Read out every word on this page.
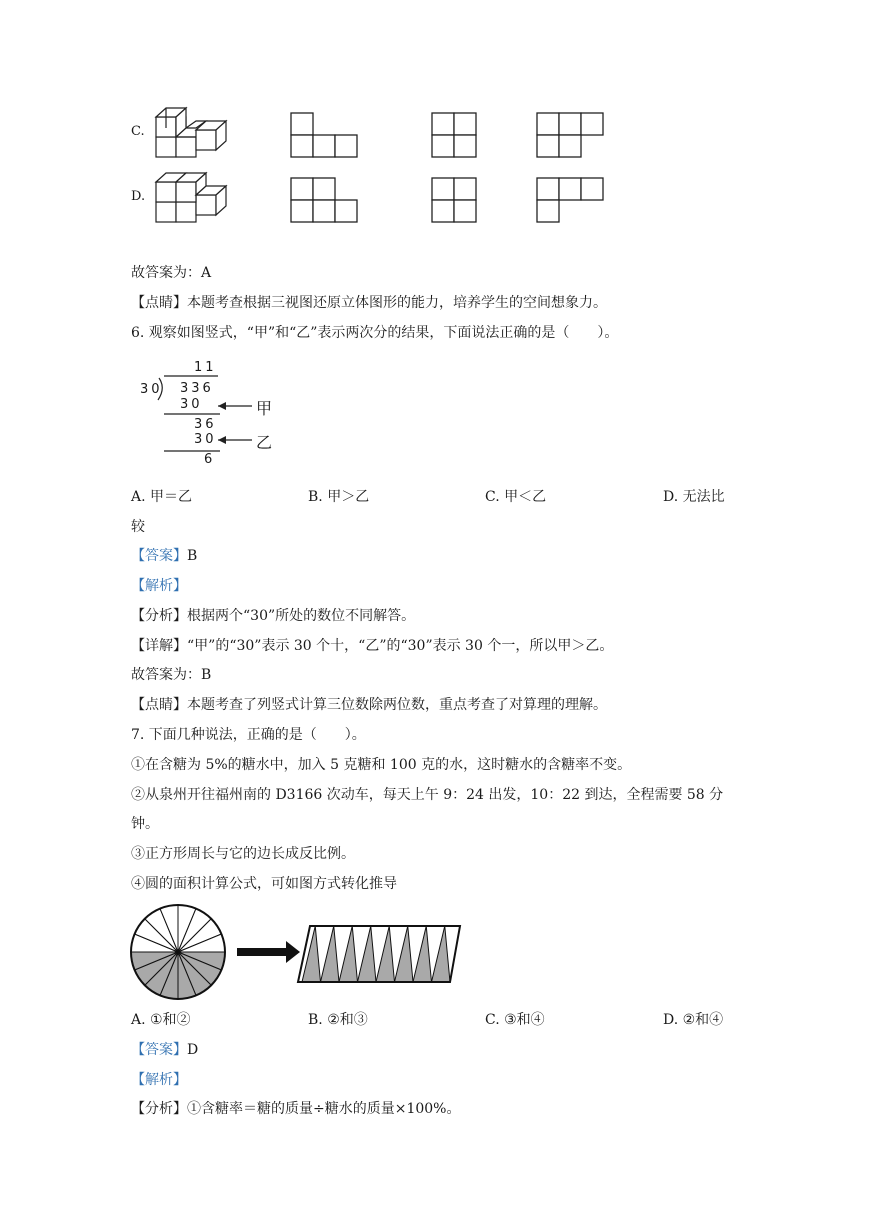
C.
D.
故答案为：A
【点睛】本题考查根据三视图还原立体图形的能力，培养学生的空间想象力。
6. 观察如图竖式，“甲”和“乙”表示两次分的结果，下面说法正确的是（　　）。
11
30 336
30
36
30
6
甲
乙
A. 甲＝乙	B. 甲＞乙	C. 甲＜乙	D. 无法比
较
【答案】B
【解析】
【分析】根据两个“30”所处的数位不同解答。
【详解】“甲”的“30”表示 30 个十，“乙”的“30”表示 30 个一，所以甲＞乙。
故答案为：B
【点睛】本题考查了列竖式计算三位数除两位数，重点考查了对算理的理解。
7. 下面几种说法，正确的是（　　）。
①在含糖为 5%的糖水中，加入 5 克糖和 100 克的水，这时糖水的含糖率不变。
②从泉州开往福州南的 D3166 次动车，每天上午 9：24 出发，10：22 到达，全程需要 58 分
钟。
③正方形周长与它的边长成反比例。
④圆的面积计算公式，可如图方式转化推导
A. ①和②	B. ②和③	C. ③和④	D. ②和④
【答案】D
【解析】
【分析】①含糖率＝糖的质量÷糖水的质量×100%。
